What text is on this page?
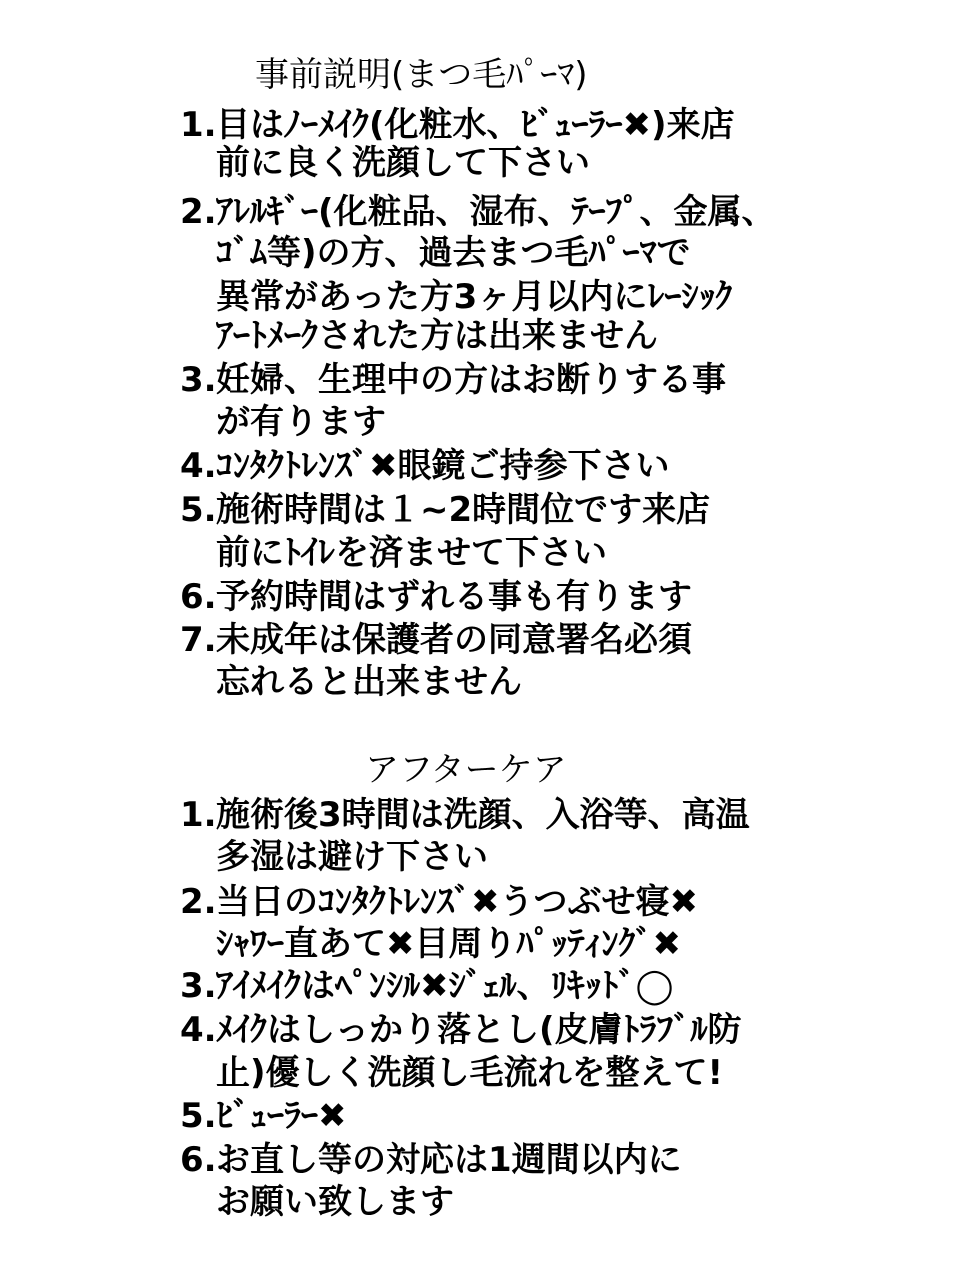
事前説明(まつ毛ﾊﾟｰﾏ)
1.目はﾉｰﾒｲｸ(化粧水、ﾋﾞｭｰﾗｰ✖)来店
前に良く洗顔して下さい
2.ｱﾚﾙｷﾞｰ(化粧品、湿布、ﾃｰﾌﾟ、金属、
ｺﾞﾑ等)の方、過去まつ毛ﾊﾟｰﾏで
異常があった方3ヶ月以内にﾚｰｼｯｸ
ｱｰﾄﾒｰｸされた方は出来ません
3.妊婦、生理中の方はお断りする事
が有ります
4.ｺﾝﾀｸﾄﾚﾝｽﾞ✖眼鏡ご持参下さい
5.施術時間は１~2時間位です来店
前にﾄｲﾚを済ませて下さい
6.予約時間はずれる事も有ります
7.未成年は保護者の同意署名必須
忘れると出来ません
アフターケア
1.施術後3時間は洗顔、入浴等、高温
多湿は避け下さい
2.当日のｺﾝﾀｸﾄﾚﾝｽﾞ✖うつぶせ寝✖
ｼｬﾜｰ直あて✖目周りﾊﾟｯﾃｨﾝｸﾞ✖
3.ｱｲﾒｲｸはﾍﾟﾝｼﾙ✖ｼﾞｪﾙ、ﾘｷｯﾄﾞ◯
4.ﾒｲｸはしっかり落とし(皮膚ﾄﾗﾌﾞﾙ防
止)優しく洗顔し毛流れを整えて!
5.ﾋﾞｭｰﾗｰ✖
6.お直し等の対応は1週間以内に
お願い致します
